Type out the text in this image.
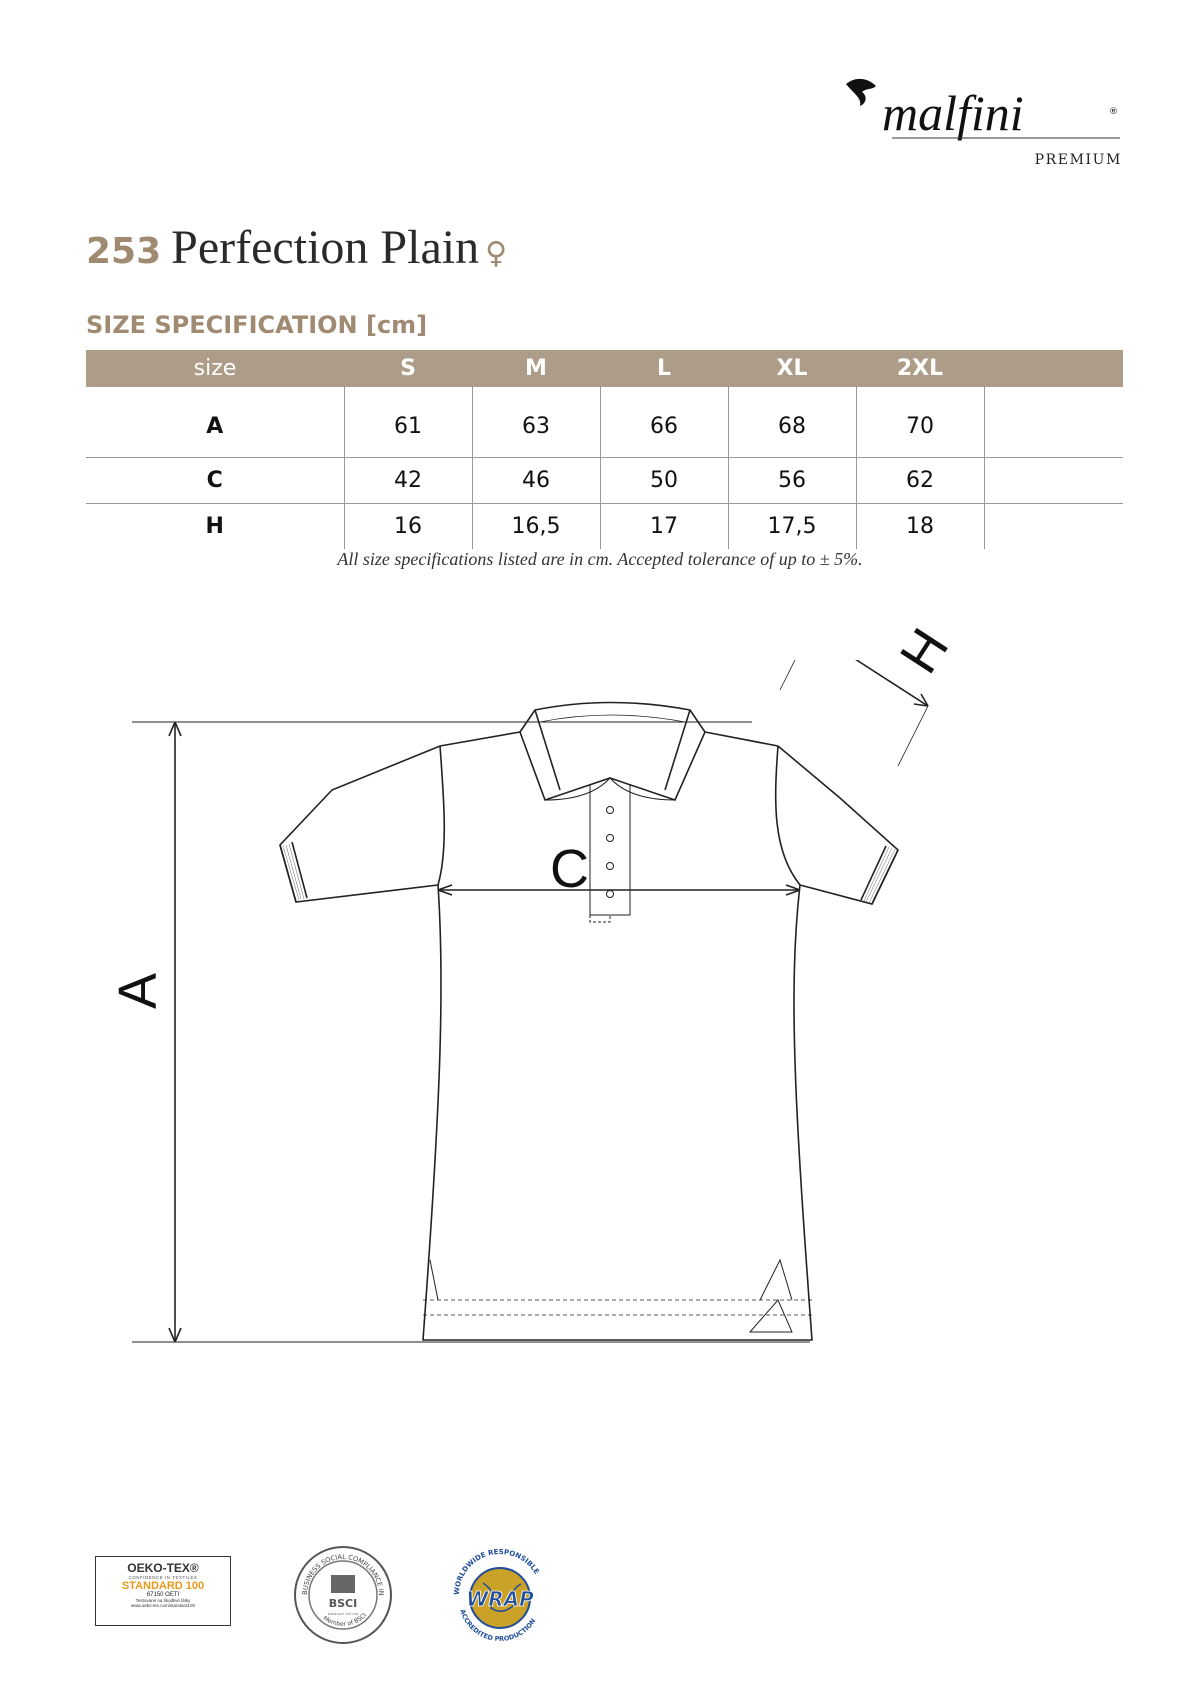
malfini	®
PREMIUM
253 Perfection Plain ♀
SIZE SPECIFICATION [cm]
size	S	M	L	XL	2XL	
A	61	63	66	68	70	
C	42	46	50	56	62	
H	16	16,5	17	17,5	18	
All size specifications listed are in cm. Accepted tolerance of up to ± 5%.
A
C
H
OEKO-TEX®
CONFIDENCE IN TEXTILES
STANDARD 100
67150 OETI
Testované na škodlivé látky
www.oeko-tex.com/standard100
BUSINESS SOCIAL COMPLIANCE IN
BSCI
www.bsci-intl.org
Member of BSCI
WORLDWIDE RESPONSIBLE
WRAP
ACCREDITED PRODUCTION
